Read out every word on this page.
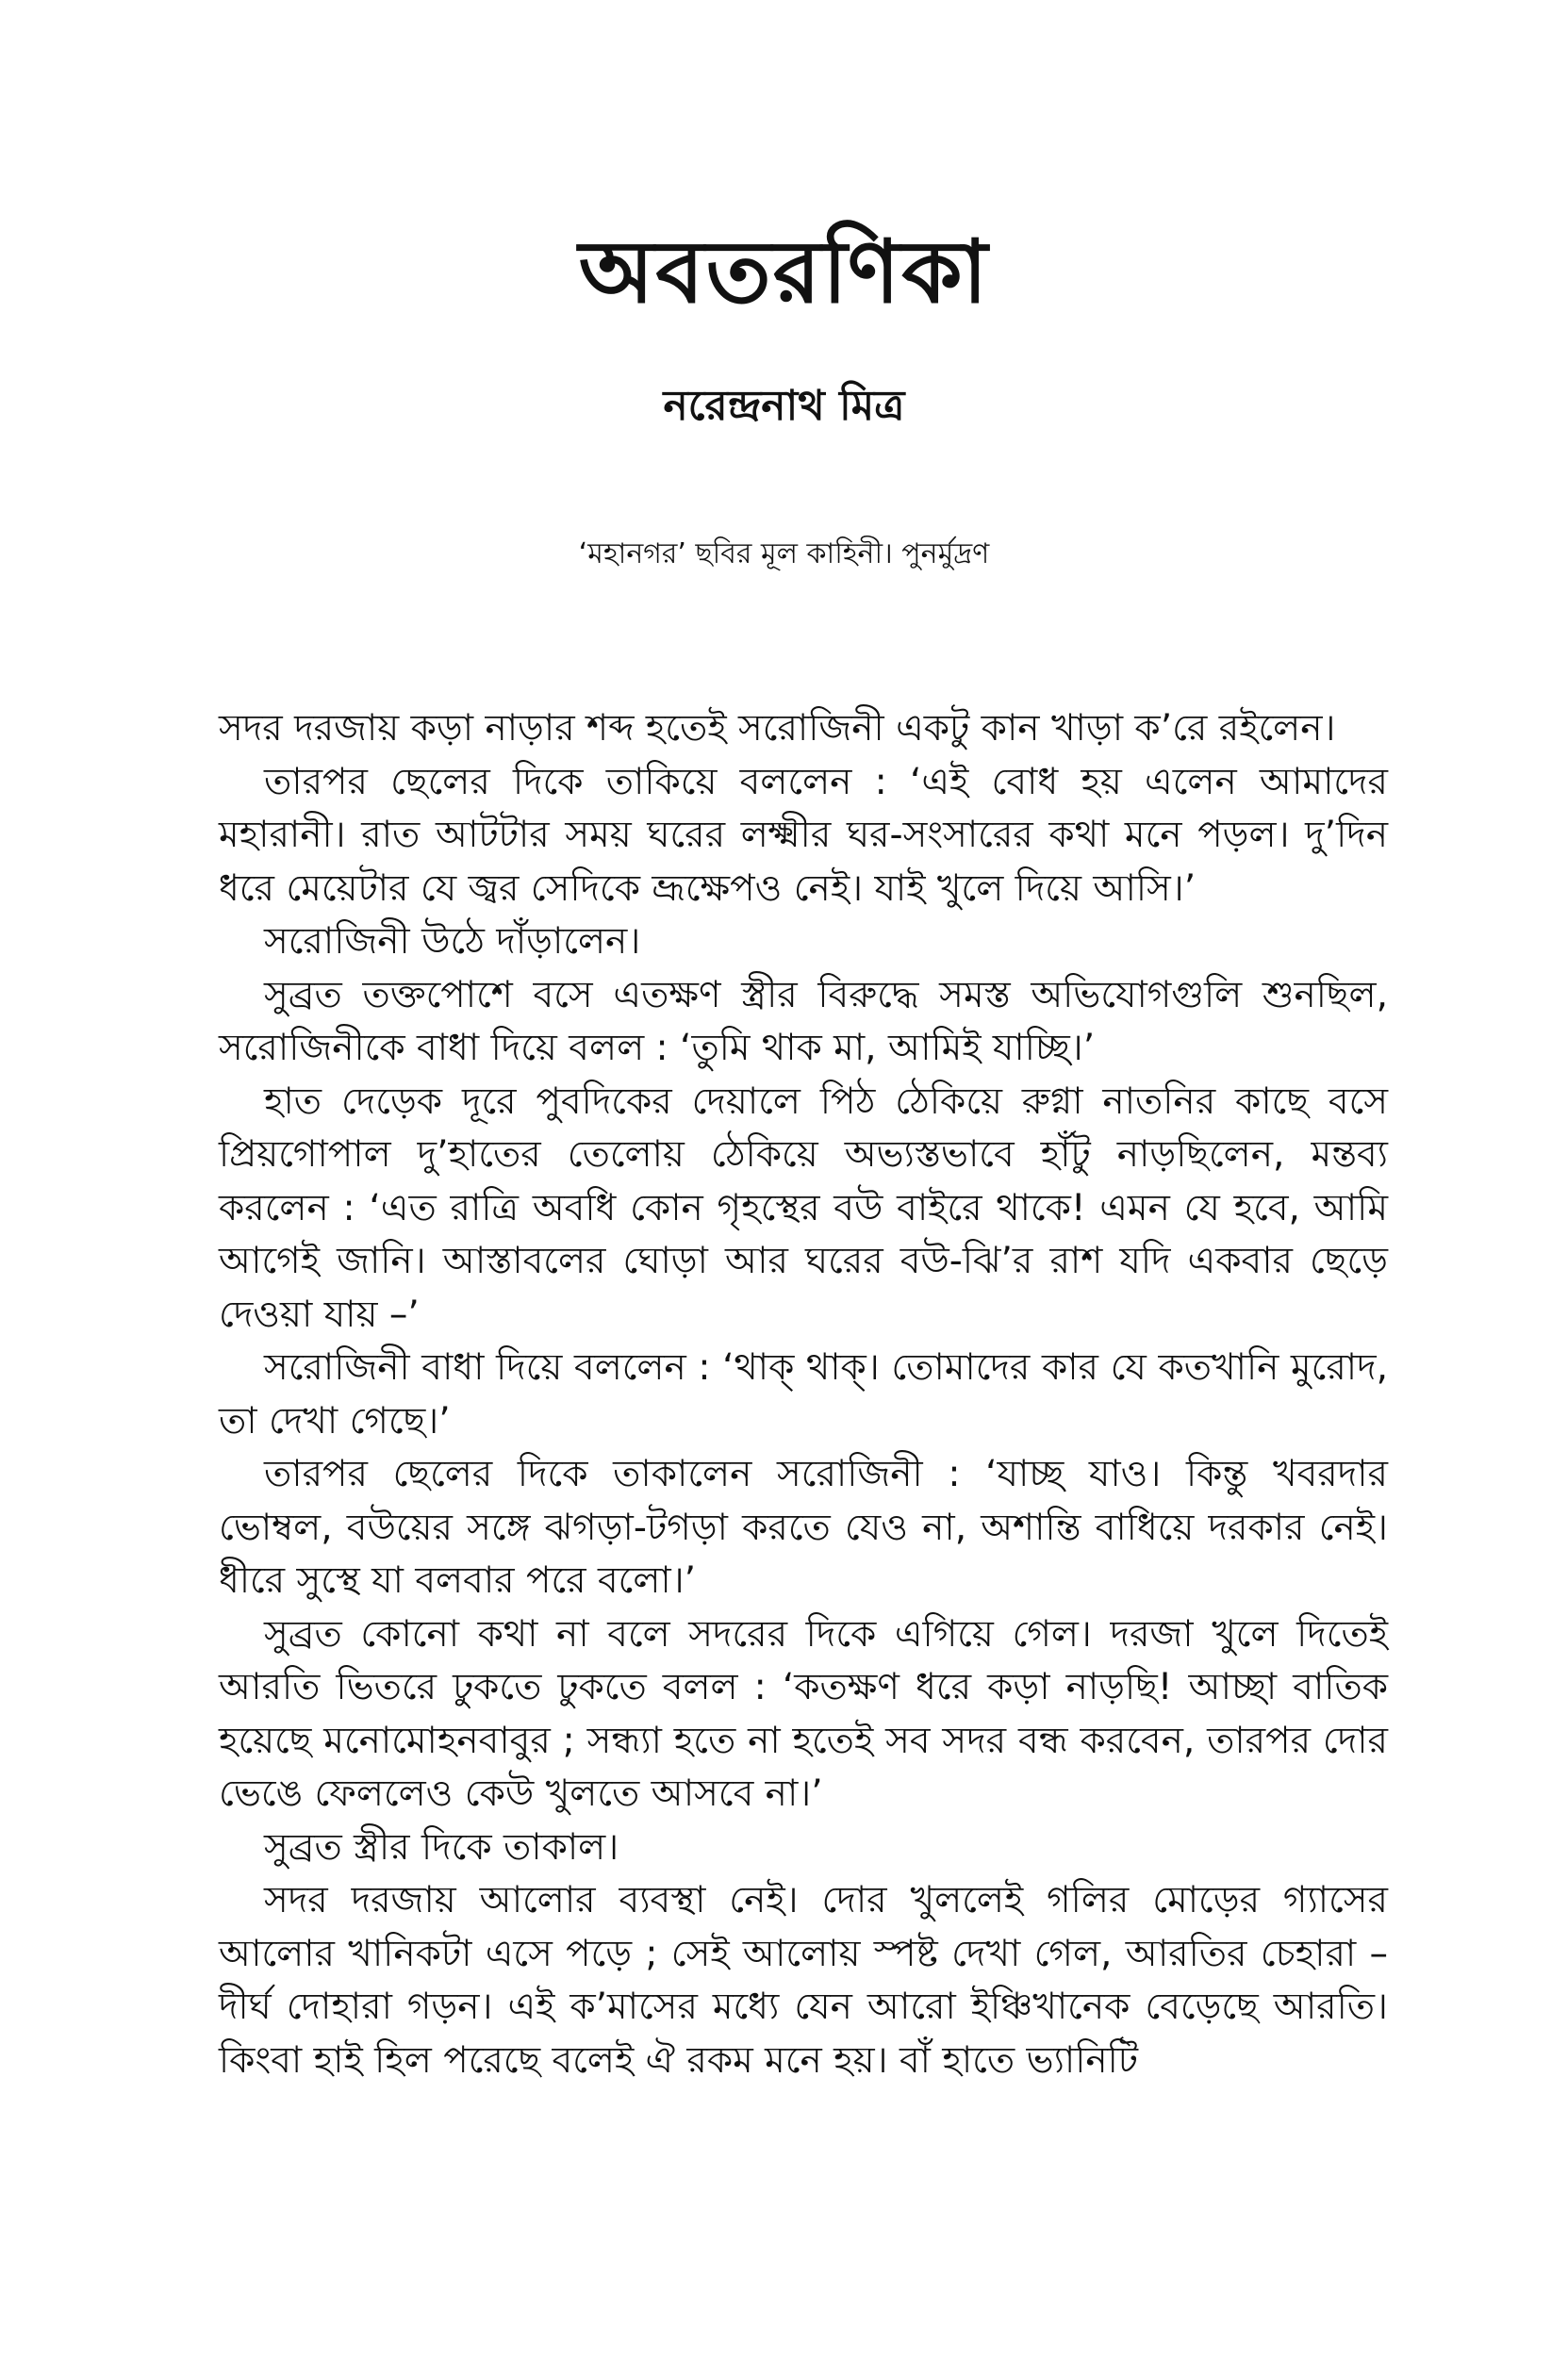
অবতরণিকা
নরেন্দ্রনাথ মিত্র
‘মহানগর’ ছবির মূল কাহিনী। পুনর্মুদ্রণ

সদর দরজায় কড়া নাড়ার শব্দ হতেই সরোজিনী একটু কান খাড়া ক’রে রইলেন।

তারপর ছেলের দিকে তাকিয়ে বললেন : ‘এই বোধ হয় এলেন আমাদের মহারানী। রাত আটটার সময় ঘরের লক্ষ্মীর ঘর-সংসারের কথা মনে পড়ল। দু’দিন ধরে মেয়েটার যে জ্বর সেদিকে ভ্রূক্ষেপও নেই। যাই খুলে দিয়ে আসি।’

সরোজিনী উঠে দাঁড়ালেন।

সুব্রত তক্তপোশে বসে এতক্ষণ স্ত্রীর বিরুদ্ধে সমস্ত অভিযোগগুলি শুনছিল, সরোজিনীকে বাধা দিয়ে বলল : ‘তুমি থাক মা, আমিই যাচ্ছি।’

হাত দেড়েক দূরে পুবদিকের দেয়ালে পিঠ ঠেকিয়ে রুগ্না নাতনির কাছে বসে প্রিয়গোপাল দু’হাতের তেলোয় ঠেকিয়ে অভ্যস্তভাবে হাঁটু নাড়ছিলেন, মন্তব্য করলেন : ‘এত রাত্রি অবধি কোন গৃহস্থের বউ বাইরে থাকে! এমন যে হবে, আমি আগেই জানি। আস্তাবলের ঘোড়া আর ঘরের বউ-ঝি’র রাশ যদি একবার ছেড়ে দেওয়া যায় –’

সরোজিনী বাধা দিয়ে বললেন : ‘থাক্ থাক্। তোমাদের কার যে কতখানি মুরোদ, তা দেখা গেছে।’

তারপর ছেলের দিকে তাকালেন সরোজিনী : ‘যাচ্ছ যাও। কিন্তু খবরদার ভোম্বল, বউয়ের সঙ্গে ঝগড়া-টগড়া করতে যেও না, অশান্তি বাধিয়ে দরকার নেই। ধীরে সুস্থে যা বলবার পরে বলো।’

সুব্রত কোনো কথা না বলে সদরের দিকে এগিয়ে গেল। দরজা খুলে দিতেই আরতি ভিতরে ঢুকতে ঢুকতে বলল : ‘কতক্ষণ ধরে কড়া নাড়ছি! আচ্ছা বাতিক হয়েছে মনোমোহনবাবুর ; সন্ধ্যা হতে না হতেই সব সদর বন্ধ করবেন, তারপর দোর ভেঙে ফেললেও কেউ খুলতে আসবে না।’

সুব্রত স্ত্রীর দিকে তাকাল।

সদর দরজায় আলোর ব্যবস্থা নেই। দোর খুললেই গলির মোড়ের গ্যাসের আলোর খানিকটা এসে পড়ে ; সেই আলোয় স্পষ্ট দেখা গেল, আরতির চেহারা – দীর্ঘ দোহারা গড়ন। এই ক’মাসের মধ্যে যেন আরো ইঞ্চিখানেক বেড়েছে আরতি। কিংবা হাই হিল পরেছে বলেই ঐ রকম মনে হয়। বাঁ হাতে ভ্যানিটি
